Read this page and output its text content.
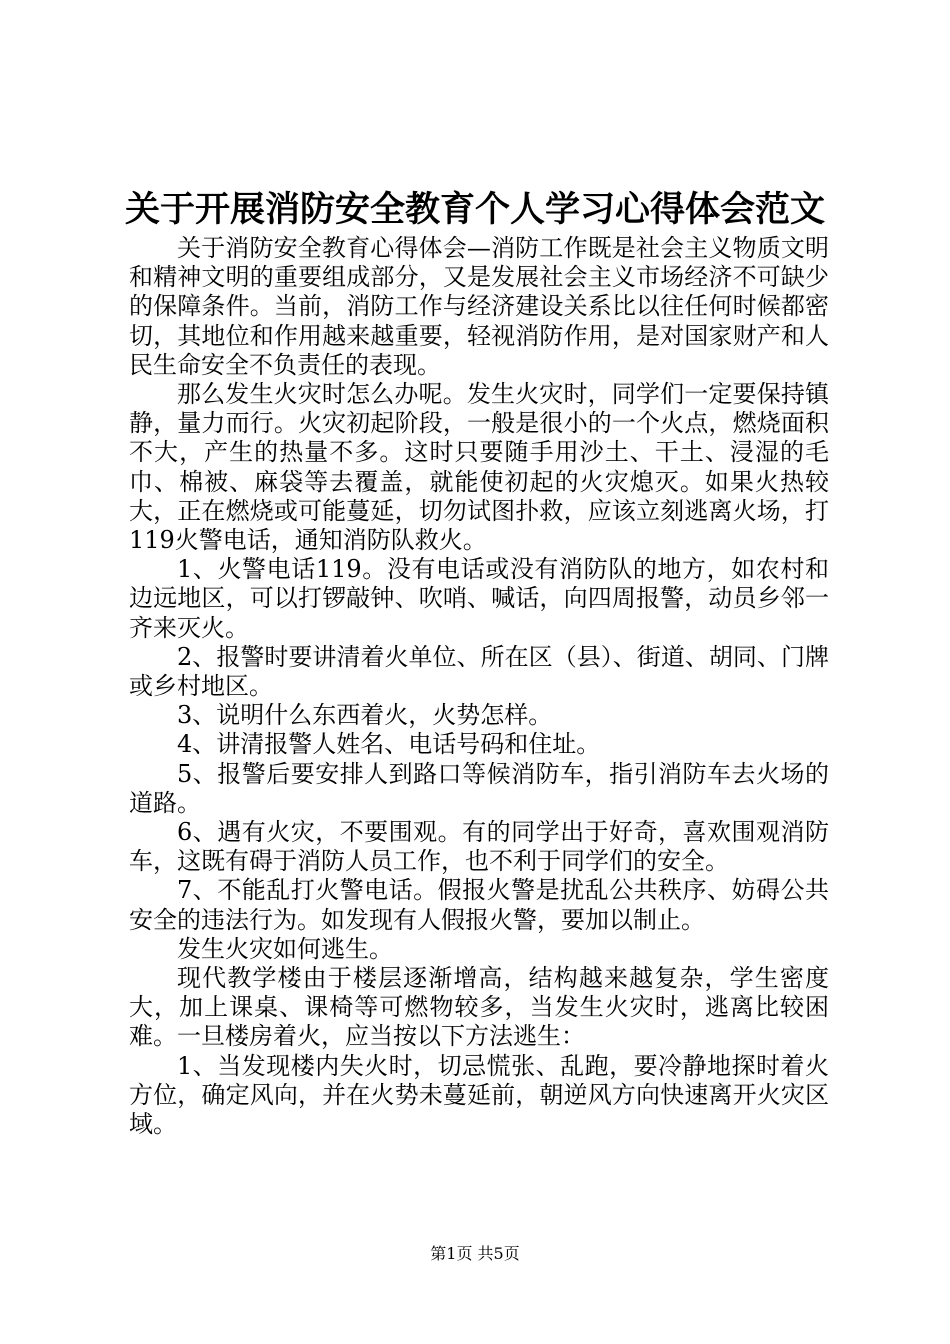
关于开展消防安全教育个人学习心得体会范文

关于消防安全教育心得体会—消防工作既是社会主义物质文明和精神文明的重要组成部分，又是发展社会主义市场经济不可缺少的保障条件。当前，消防工作与经济建设关系比以往任何时候都密切，其地位和作用越来越重要，轻视消防作用，是对国家财产和人民生命安全不负责任的表现。

那么发生火灾时怎么办呢。发生火灾时，同学们一定要保持镇静，量力而行。火灾初起阶段，一般是很小的一个火点，燃烧面积不大，产生的热量不多。这时只要随手用沙土、干土、浸湿的毛巾、棉被、麻袋等去覆盖，就能使初起的火灾熄灭。如果火热较大，正在燃烧或可能蔓延，切勿试图扑救，应该立刻逃离火场，打119火警电话，通知消防队救火。

1、火警电话119。没有电话或没有消防队的地方，如农村和边远地区，可以打锣敲钟、吹哨、喊话，向四周报警，动员乡邻一齐来灭火。

2、报警时要讲清着火单位、所在区（县）、街道、胡同、门牌或乡村地区。

3、说明什么东西着火，火势怎样。

4、讲清报警人姓名、电话号码和住址。

5、报警后要安排人到路口等候消防车，指引消防车去火场的道路。

6、遇有火灾，不要围观。有的同学出于好奇，喜欢围观消防车，这既有碍于消防人员工作，也不利于同学们的安全。

7、不能乱打火警电话。假报火警是扰乱公共秩序、妨碍公共安全的违法行为。如发现有人假报火警，要加以制止。

发生火灾如何逃生。

现代教学楼由于楼层逐渐增高，结构越来越复杂，学生密度大，加上课桌、课椅等可燃物较多，当发生火灾时，逃离比较困难。一旦楼房着火，应当按以下方法逃生：

1、当发现楼内失火时，切忌慌张、乱跑，要冷静地探时着火方位，确定风向，并在火势未蔓延前，朝逆风方向快速离开火灾区域。

第1页 共5页
